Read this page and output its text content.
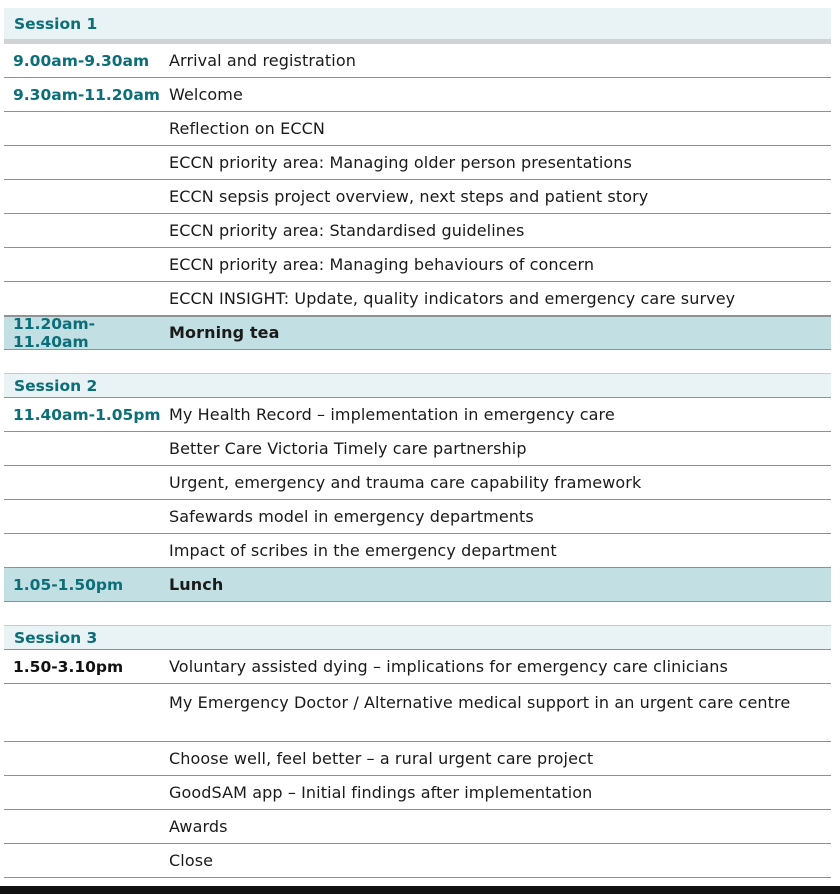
Session 1
9.00am-9.30am	Arrival and registration
9.30am-11.20am Welcome
Reflection on ECCN
ECCN priority area: Managing older person presentations
ECCN sepsis project overview, next steps and patient story
ECCN priority area: Standardised guidelines
ECCN priority area: Managing behaviours of concern
ECCN INSIGHT: Update, quality indicators and emergency care survey
11.20am-11.40am	Morning tea
Session 2
11.40am-1.05pm My Health Record – implementation in emergency care
Better Care Victoria Timely care partnership
Urgent, emergency and trauma care capability framework
Safewards model in emergency departments
Impact of scribes in the emergency department
1.05-1.50pm	Lunch
Session 3
1.50-3.10pm	Voluntary assisted dying – implications for emergency care clinicians
My Emergency Doctor / Alternative medical support in an urgent care centre
Choose well, feel better – a rural urgent care project
GoodSAM app – Initial findings after implementation
Awards
Close
